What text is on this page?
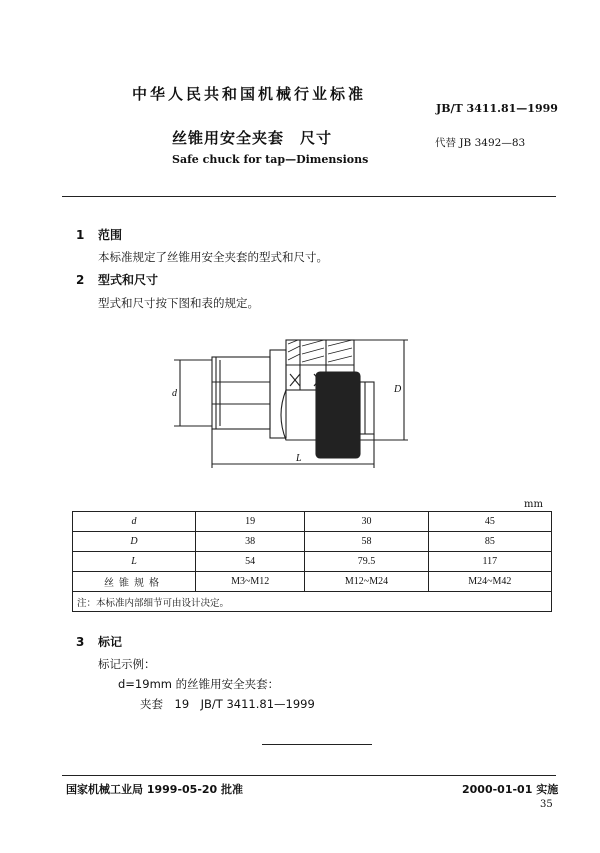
中华人民共和国机械行业标准
JB/T 3411.81—1999
丝锥用安全夹套　尺寸	代替 JB 3492—83
Safe chuck for tap—Dimensions
1 范围
本标准规定了丝锥用安全夹套的型式和尺寸。
2 型式和尺寸
型式和尺寸按下图和表的规定。
d	D
L
mm
d	19	30	45
D	38	58	85
L	54	79.5	117
丝锥规格	M3~M12	M12~M24	M24~M42
注：本标准内部细节可由设计决定。			
3 标记
标记示例：
d=19mm 的丝锥用安全夹套：
夹套　19　JB/T 3411.81—1999
国家机械工业局 1999-05-20 批准	2000-01-01 实施
35
